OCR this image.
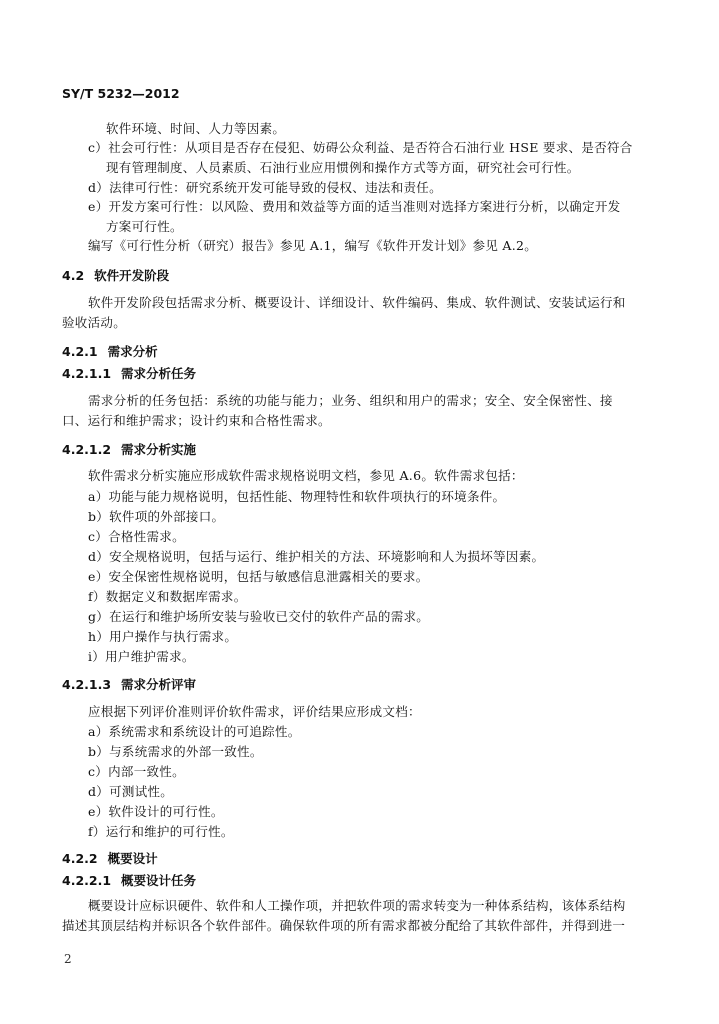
SY/T 5232—2012
软件环境、时间、人力等因素。
c）社会可行性：从项目是否存在侵犯、妨碍公众利益、是否符合石油行业 HSE 要求、是否符合
现有管理制度、人员素质、石油行业应用惯例和操作方式等方面，研究社会可行性。
d）法律可行性：研究系统开发可能导致的侵权、违法和责任。
e）开发方案可行性：以风险、费用和效益等方面的适当准则对选择方案进行分析，以确定开发
方案可行性。
编写《可行性分析（研究）报告》参见 A.1，编写《软件开发计划》参见 A.2。
4.2 软件开发阶段
软件开发阶段包括需求分析、概要设计、详细设计、软件编码、集成、软件测试、安装试运行和
验收活动。
4.2.1 需求分析
4.2.1.1 需求分析任务
需求分析的任务包括：系统的功能与能力；业务、组织和用户的需求；安全、安全保密性、接
口、运行和维护需求；设计约束和合格性需求。
4.2.1.2 需求分析实施
软件需求分析实施应形成软件需求规格说明文档，参见 A.6。软件需求包括：
a）功能与能力规格说明，包括性能、物理特性和软件项执行的环境条件。
b）软件项的外部接口。
c）合格性需求。
d）安全规格说明，包括与运行、维护相关的方法、环境影响和人为损坏等因素。
e）安全保密性规格说明，包括与敏感信息泄露相关的要求。
f）数据定义和数据库需求。
g）在运行和维护场所安装与验收已交付的软件产品的需求。
h）用户操作与执行需求。
i）用户维护需求。
4.2.1.3 需求分析评审
应根据下列评价准则评价软件需求，评价结果应形成文档：
a）系统需求和系统设计的可追踪性。
b）与系统需求的外部一致性。
c）内部一致性。
d）可测试性。
e）软件设计的可行性。
f）运行和维护的可行性。
4.2.2 概要设计
4.2.2.1 概要设计任务
概要设计应标识硬件、软件和人工操作项，并把软件项的需求转变为一种体系结构，该体系结构
描述其顶层结构并标识各个软件部件。确保软件项的所有需求都被分配给了其软件部件，并得到进一
2
